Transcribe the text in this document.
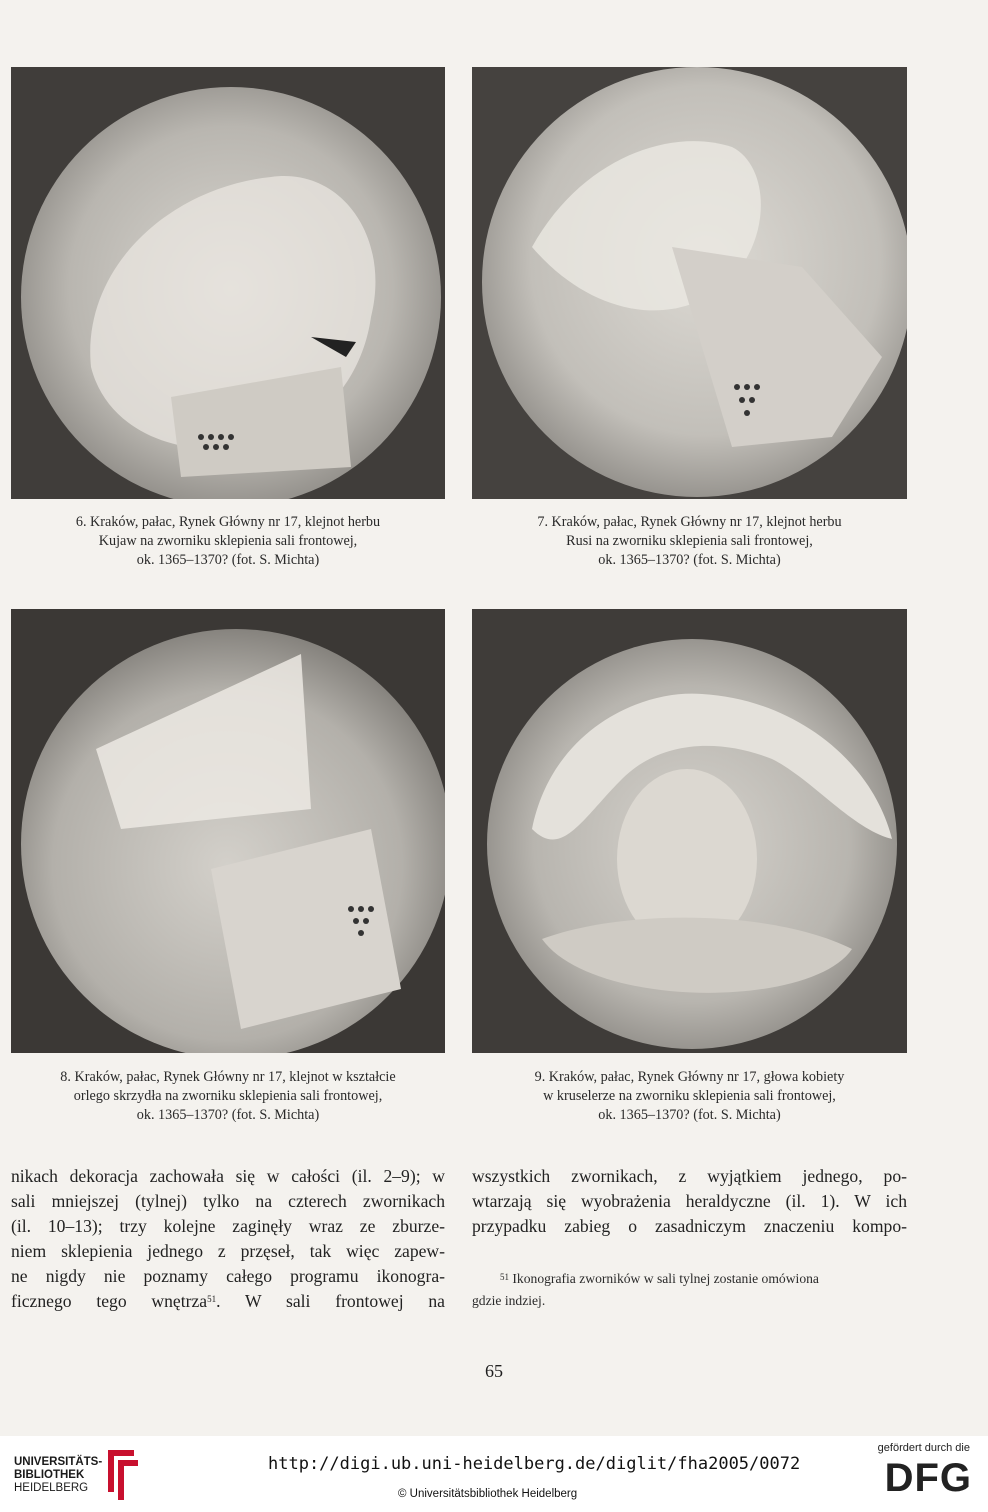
6. Kraków, pałac, Rynek Główny nr 17, klejnot herbu
Kujaw na zworniku sklepienia sali frontowej,
ok. 1365–1370? (fot. S. Michta)
7. Kraków, pałac, Rynek Główny nr 17, klejnot herbu
Rusi na zworniku sklepienia sali frontowej,
ok. 1365–1370? (fot. S. Michta)
8. Kraków, pałac, Rynek Główny nr 17, klejnot w kształcie
orlego skrzydła na zworniku sklepienia sali frontowej,
ok. 1365–1370? (fot. S. Michta)
9. Kraków, pałac, Rynek Główny nr 17, głowa kobiety
w kruselerze na zworniku sklepienia sali frontowej,
ok. 1365–1370? (fot. S. Michta)
nikach dekoracja zachowała się w całości (il. 2–9); w
sali mniejszej (tylnej) tylko na czterech zwornikach
(il. 10–13); trzy kolejne zaginęły wraz ze zburze-
niem sklepienia jednego z przęseł, tak więc zapew-
ne nigdy nie poznamy całego programu ikonogra-
ficznego tego wnętrza$^{51}$. W sali frontowej na
wszystkich zwornikach, z wyjątkiem jednego, po-
wtarzają się wyobrażenia heraldyczne (il. 1). W ich
przypadku zabieg o zasadniczym znaczeniu kompo-
$^{51}$ Ikonografia zworników w sali tylnej zostanie omówiona
gdzie indziej.
65
UNIVERSITÄTS-
BIBLIOTHEK
HEIDELBERG
http://digi.ub.uni-heidelberg.de/diglit/fha2005/0072
© Universitätsbibliothek Heidelberg
gefördert durch die
DFG
